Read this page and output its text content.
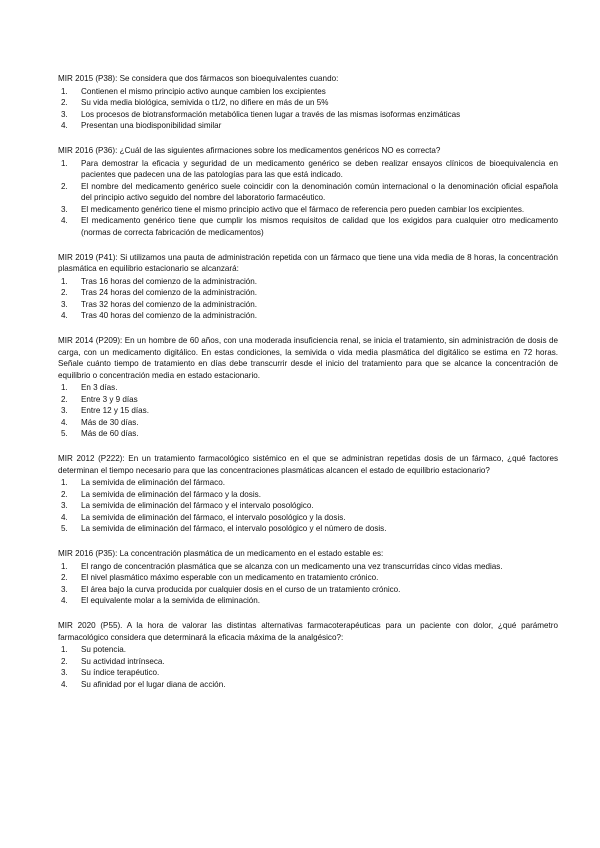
MIR 2015 (P38): Se considera que dos fármacos son bioequivalentes cuando:
1.	Contienen el mismo principio activo aunque cambien los excipientes
2.	Su vida media biológica, semivida o t1/2, no difiere en más de un 5%
3.	Los procesos de biotransformación metabólica tienen lugar a través de las mismas isoformas enzimáticas
4.	Presentan una biodisponibilidad similar
MIR 2016 (P36): ¿Cuál de las siguientes afirmaciones sobre los medicamentos genéricos NO es correcta?
1.	Para demostrar la eficacia y seguridad de un medicamento genérico se deben realizar ensayos clínicos de bioequivalencia en pacientes que padecen una de las patologías para las que está indicado.
2.	El nombre del medicamento genérico suele coincidir con la denominación común internacional o la denominación oficial española del principio activo seguido del nombre del laboratorio farmacéutico.
3.	El medicamento genérico tiene el mismo principio activo que el fármaco de referencia pero pueden cambiar los excipientes.
4.	El medicamento genérico tiene que cumplir los mismos requisitos de calidad que los exigidos para cualquier otro medicamento (normas de correcta fabricación de medicamentos)
MIR 2019 (P41): Si utilizamos una pauta de administración repetida con un fármaco que tiene una vida media de 8 horas, la concentración plasmática en equilibrio estacionario se alcanzará:
1.	Tras 16 horas del comienzo de la administración.
2.	Tras 24 horas del comienzo de la administración.
3.	Tras 32 horas del comienzo de la administración.
4.	Tras 40 horas del comienzo de la administración.
MIR 2014 (P209): En un hombre de 60 años, con una moderada insuficiencia renal, se inicia el tratamiento, sin administración de dosis de carga, con un medicamento digitálico. En estas condiciones, la semivida o vida media plasmática del digitálico se estima en 72 horas. Señale cuánto tiempo de tratamiento en días debe transcurrir desde el inicio del tratamiento para que se alcance la concentración de equilibrio o concentración media en estado estacionario.
1.	En 3 días.
2.	Entre 3 y 9 días
3.	Entre 12 y 15 días.
4.	Más de 30 días.
5.	Más de 60 días.
MIR 2012 (P222): En un tratamiento farmacológico sistémico en el que se administran repetidas dosis de un fármaco, ¿qué factores determinan el tiempo necesario para que las concentraciones plasmáticas alcancen el estado de equilibrio estacionario?
1.	La semivida de eliminación del fármaco.
2.	La semivida de eliminación del fármaco y la dosis.
3.	La semivida de eliminación del fármaco y el intervalo posológico.
4.	La semivida de eliminación del fármaco, el intervalo posológico y la dosis.
5.	La semivida de eliminación del fármaco, el intervalo posológico y el número de dosis.
MIR 2016 (P35): La concentración plasmática de un medicamento en el estado estable es:
1.	El rango de concentración plasmática que se alcanza con un medicamento una vez transcurridas cinco vidas medias.
2.	El nivel plasmático máximo esperable con un medicamento en tratamiento crónico.
3.	El área bajo la curva producida por cualquier dosis en el curso de un tratamiento crónico.
4.	El equivalente molar a la semivida de eliminación.
MIR 2020 (P55). A la hora de valorar las distintas alternativas farmacoterapéuticas para un paciente con dolor, ¿qué parámetro farmacológico considera que determinará la eficacia máxima de la analgésico?:
1.	Su potencia.
2.	Su actividad intrínseca.
3.	Su índice terapéutico.
4.	Su afinidad por el lugar diana de acción.
